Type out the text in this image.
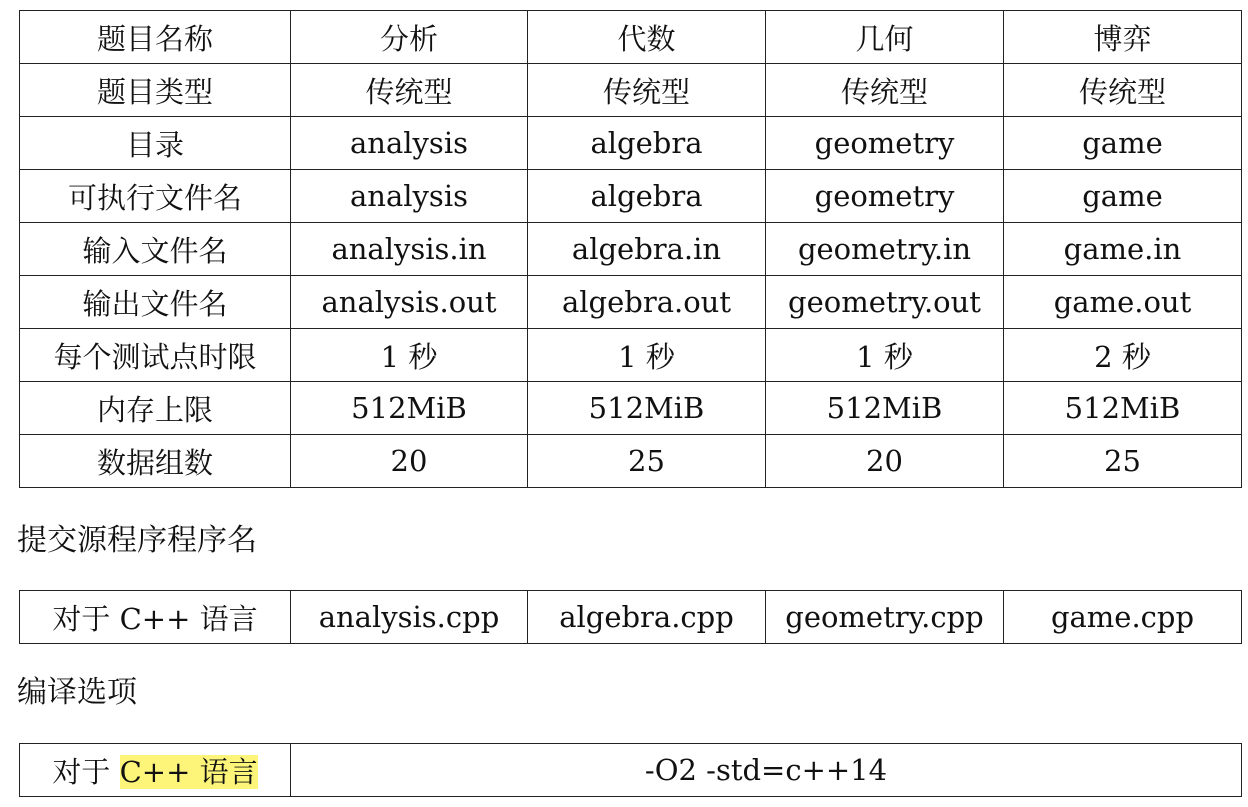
题目名称	分析	代数	几何	博弈
题目类型	传统型	传统型	传统型	传统型
目录	analysis	algebra	geometry	game
可执行文件名	analysis	algebra	geometry	game
输入文件名	analysis.in	algebra.in	geometry.in	game.in
输出文件名	analysis.out	algebra.out	geometry.out	game.out
每个测试点时限	1 秒	1 秒	1 秒	2 秒
内存上限	512MiB	512MiB	512MiB	512MiB
数据组数	20	25	20	25
提交源程序程序名
对于 C++ 语言	analysis.cpp	algebra.cpp	geometry.cpp	game.cpp
编译选项
对于 C++ 语言	-O2 -std=c++14
